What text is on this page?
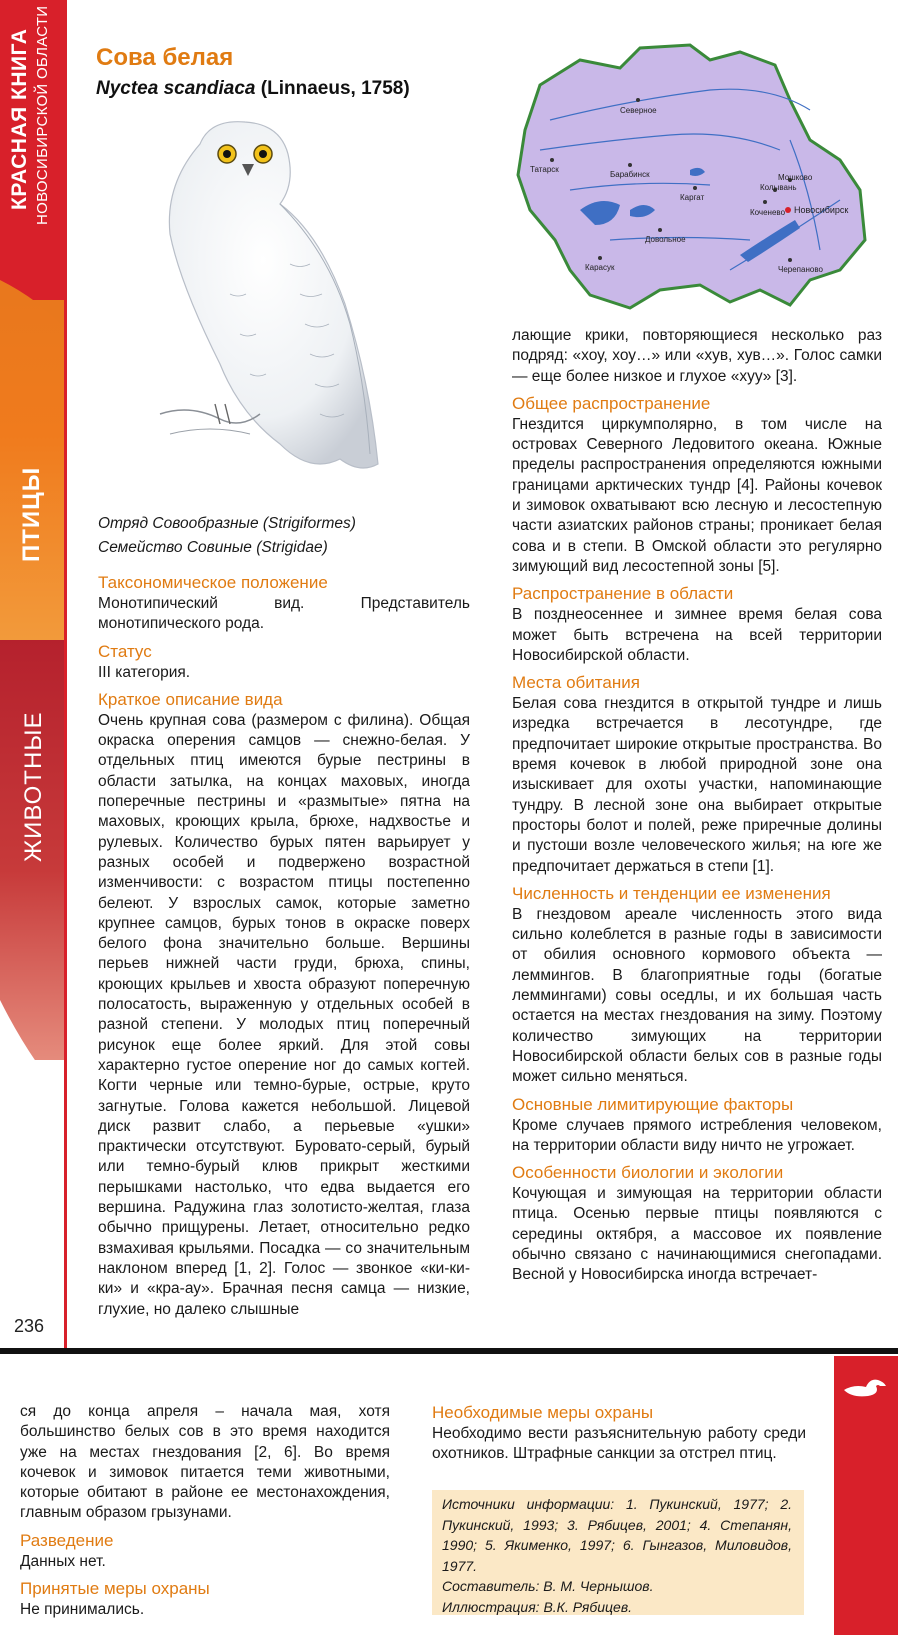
КРАСНАЯ КНИГА НОВОСИБИРСКОЙ ОБЛАСТИ
ПТИЦЫ
ЖИВОТНЫЕ
Сова белая
Nyctea scandiaca (Linnaeus, 1758)
Отряд Совообразные (Strigiformes)
Семейство Совиные (Strigidae)
Северное
Татарск
Барабинск
Каргат
Мошково
Колывань
Новосибирск
Коченево
Довольное
Карасук	Черепаново
Таксономическое положение

Монотипический вид. Представитель монотипического рода.

Статус

III категория.

Краткое описание вида

Очень крупная сова (размером с филина). Общая окраска оперения самцов — снежно-белая. У отдельных птиц имеются бурые пестрины в области затылка, на концах маховых, иногда поперечные пестрины и «размытые» пятна на маховых, кроющих крыла, брюхе, надхвостье и рулевых. Количество бурых пятен варьирует у разных особей и подвержено возрастной изменчивости: с возрастом птицы постепенно белеют. У взрослых самок, которые заметно крупнее самцов, бурых тонов в окраске поверх белого фона значительно больше. Вершины перьев нижней части груди, брюха, спины, кроющих крыльев и хвоста образуют поперечную полосатость, выраженную у отдельных особей в разной степени. У молодых птиц поперечный рисунок еще более яркий. Для этой совы характерно густое оперение ног до самых когтей. Когти черные или темно-бурые, острые, круто загнутые. Голова кажется небольшой. Лицевой диск развит слабо, а перьевые «ушки» практически отсутствуют. Буровато-серый, бурый или темно-бурый клюв прикрыт жесткими перышками настолько, что едва выдается его вершина. Радужина глаз золотисто-желтая, глаза обычно прищурены. Летает, относительно редко взмахивая крыльями. Посадка — со значительным наклоном вперед [1, 2]. Голос — звонкое «ки-ки-ки» и «кра-ау». Брачная песня самца — низкие, глухие, но далеко слышные

лающие крики, повторяющиеся несколько раз подряд: «хоу, хоу…» или «хув, хув…». Голос самки — еще более низкое и глухое «хуу» [3].

Общее распространение

Гнездится циркумполярно, в том числе на островах Северного Ледовитого океана. Южные пределы распространения определяются южными границами арктических тундр [4]. Районы кочевок и зимовок охватывают всю лесную и лесостепную части азиатских районов страны; проникает белая сова и в степи. В Омской области это регулярно зимующий вид лесостепной зоны [5].

Распространение в области

В позднеосеннее и зимнее время белая сова может быть встречена на всей территории Новосибирской области.

Места обитания

Белая сова гнездится в открытой тундре и лишь изредка встречается в лесотундре, где предпочитает широкие открытые пространства. Во время кочевок в любой природной зоне она изыскивает для охоты участки, напоминающие тундру. В лесной зоне она выбирает открытые просторы болот и полей, реже приречные долины и пустоши возле человеческого жилья; на юге же предпочитает держаться в степи [1].

Численность и тенденции ее изменения

В гнездовом ареале численность этого вида сильно колеблется в разные годы в зависимости от обилия основного кормового объекта — леммингов. В благоприятные годы (богатые леммингами) совы оседлы, и их большая часть остается на местах гнездования на зиму. Поэтому количество зимующих на территории Новосибирской области белых сов в разные годы может сильно меняться.

Основные лимитирующие факторы

Кроме случаев прямого истребления человеком, на территории области виду ничто не угрожает.

Особенности биологии и экологии

Кочующая и зимующая на территории области птица. Осенью первые птицы появляются с середины октября, а массовое их появление обычно связано с начинающимися снегопадами. Весной у Новосибирска иногда встречает-

236

ся до конца апреля – начала мая, хотя большинство белых сов в это время находится уже на местах гнездования [2, 6]. Во время кочевок и зимовок питается теми животными, которые обитают в районе ее местонахождения, главным образом грызунами.

Разведение

Данных нет.

Принятые меры охраны

Не принимались.

Необходимые меры охраны

Необходимо вести разъяснительную работу среди охотников. Штрафные санкции за отстрел птиц.

Источники информации: 1. Пукинский, 1977; 2. Пукинский, 1993; 3. Рябицев, 2001; 4. Степанян, 1990; 5. Якименко, 1997; 6. Гынгазов, Миловидов, 1977.

Составитель: В. М. Чернышов.

Иллюстрация: В.К. Рябицев.
